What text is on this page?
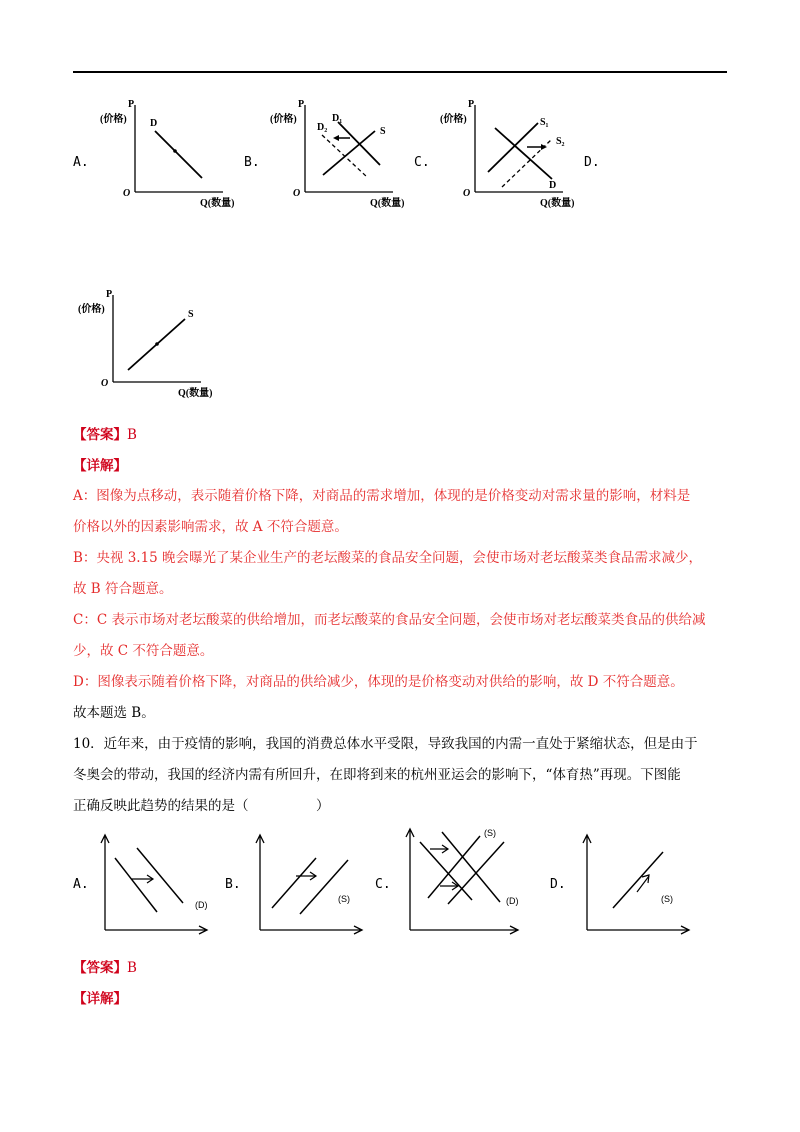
A.
P
(价格)
O
Q(数量)
D
B.
P
(价格)
O
Q(数量)
D₁
D₂	S
C.
P
(价格)
O
Q(数量)
S₁
S₂
D
D.
P
(价格)
O
Q(数量)
S
【答案】B
【详解】
A：图像为点移动，表示随着价格下降，对商品的需求增加，体现的是价格变动对需求量的影响，材料是
价格以外的因素影响需求，故 A 不符合题意。
B：央视 3.15 晚会曝光了某企业生产的老坛酸菜的食品安全问题，会使市场对老坛酸菜类食品需求减少，
故 B 符合题意。
C：C 表示市场对老坛酸菜的供给增加，而老坛酸菜的食品安全问题，会使市场对老坛酸菜类食品的供给减
少，故 C 不符合题意。
D：图像表示随着价格下降，对商品的供给减少，体现的是价格变动对供给的影响，故 D 不符合题意。
故本题选 B。
10．近年来，由于疫情的影响，我国的消费总体水平受限，导致我国的内需一直处于紧缩状态，但是由于
冬奥会的带动，我国的经济内需有所回升，在即将到来的杭州亚运会的影响下，“体育热”再现。下图能
正确反映此趋势的结果的是（　　　　　）
A.
(D)
B.
(S)
C.
(S)
(D)
D.
(S)
【答案】B
【详解】
